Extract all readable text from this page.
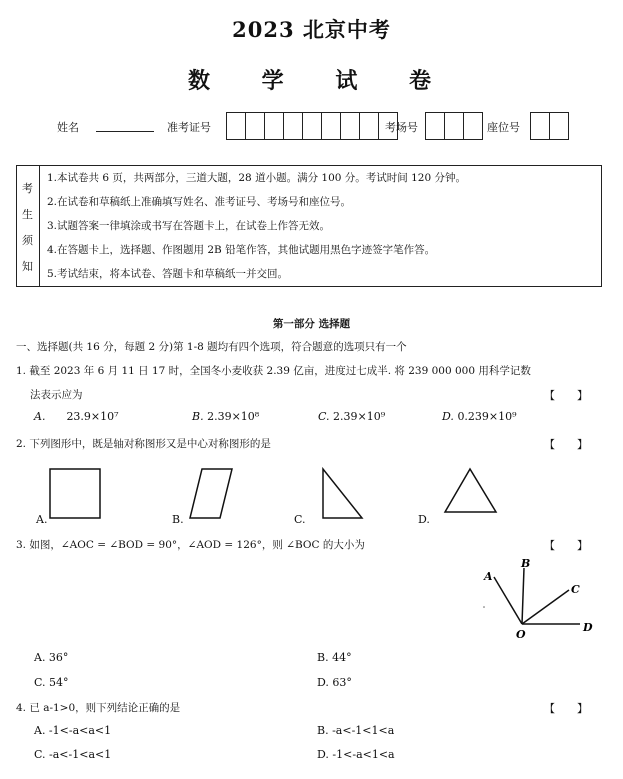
2023 北京中考
数 学 试 卷
姓名	准考证号	考场号	座位号
考
生
须
知
1.本试卷共 6 页，共两部分，三道大题，28 道小题。满分 100 分。考试时间 120 分钟。
2.在试卷和草稿纸上准确填写姓名、准考证号、考场号和座位号。
3.试题答案一律填涂或书写在答题卡上，在试卷上作答无效。
4.在答题卡上，选择题、作图题用 2B 铅笔作答，其他试题用黑色字迹签字笔作答。
5.考试结束，将本试卷、答题卡和草稿纸一并交回。
第一部分 选择题
一、选择题(共 16 分，每题 2 分)第 1-8 题均有四个选项，符合题意的选项只有一个
1. 截至 2023 年 6 月 11 日 17 时，全国冬小麦收获 2.39 亿亩，进度过七成半. 将 239 000 000 用科学记数
法表示应为	【　　】
A. 23.9×10⁷	B. 2.39×10⁸	C. 2.39×10⁹	D. 0.239×10⁹
2. 下列图形中，既是轴对称图形又是中心对称图形的是	【　　】
A.	B.	C.	D.
3. 如图，∠AOC = ∠BOD = 90°，∠AOD = 126°，则 ∠BOC 的大小为	【　　】
A
B
C
D
O
A. 36°	B. 44°
C. 54°	D. 63°
4. 已 a-1>0，则下列结论正确的是	【　　】
A. -1<-a<a<1	B. -a<-1<1<a
C. -a<-1<a<1	D. -1<-a<1<a
